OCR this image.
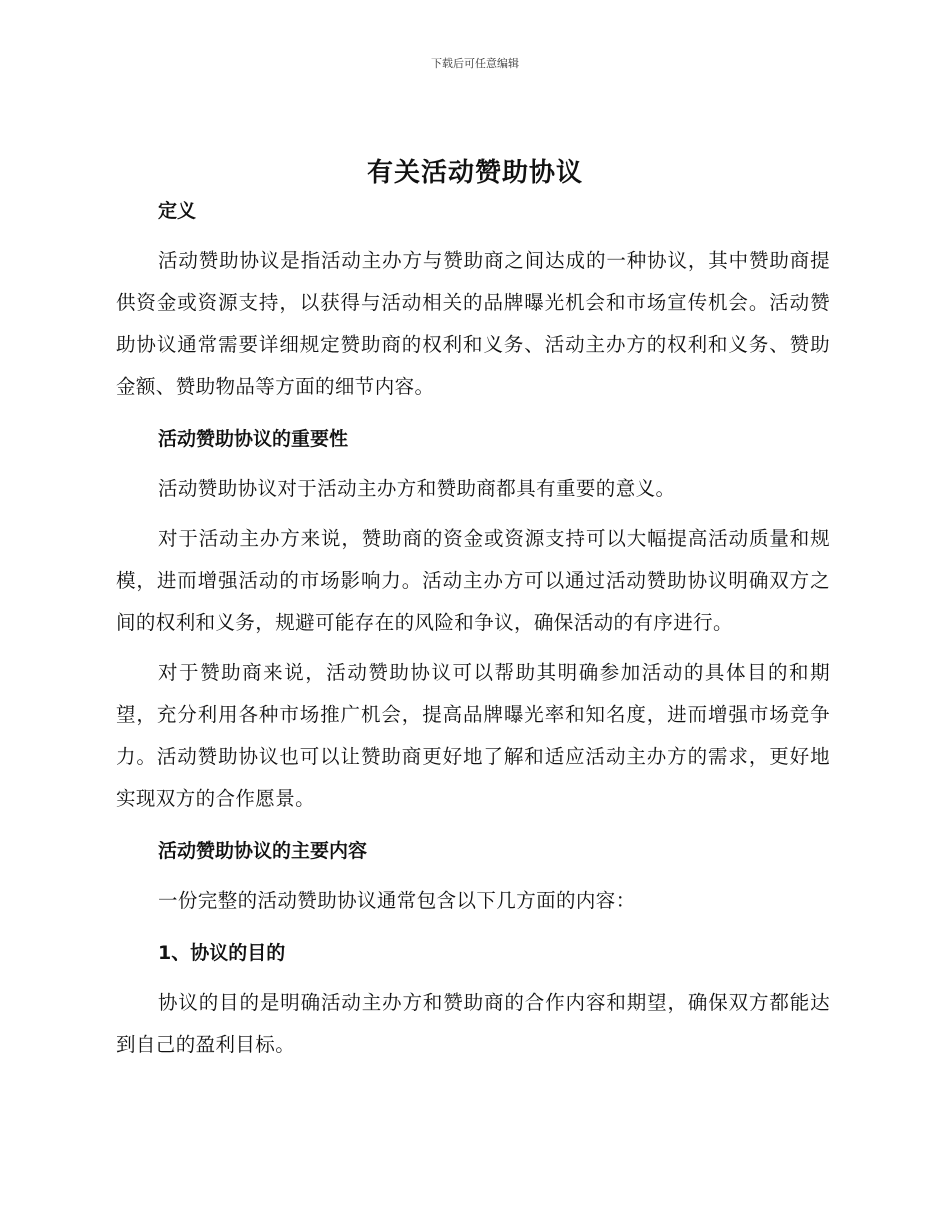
下载后可任意编辑
有关活动赞助协议

定义

活动赞助协议是指活动主办方与赞助商之间达成的一种协议，其中赞助商提供资金或资源支持，以获得与活动相关的品牌曝光机会和市场宣传机会。活动赞助协议通常需要详细规定赞助商的权利和义务、活动主办方的权利和义务、赞助金额、赞助物品等方面的细节内容。

活动赞助协议的重要性

活动赞助协议对于活动主办方和赞助商都具有重要的意义。

对于活动主办方来说，赞助商的资金或资源支持可以大幅提高活动质量和规模，进而增强活动的市场影响力。活动主办方可以通过活动赞助协议明确双方之间的权利和义务，规避可能存在的风险和争议，确保活动的有序进行。

对于赞助商来说，活动赞助协议可以帮助其明确参加活动的具体目的和期望，充分利用各种市场推广机会，提高品牌曝光率和知名度，进而增强市场竞争力。活动赞助协议也可以让赞助商更好地了解和适应活动主办方的需求，更好地实现双方的合作愿景。

活动赞助协议的主要内容

一份完整的活动赞助协议通常包含以下几方面的内容：

1、协议的目的

协议的目的是明确活动主办方和赞助商的合作内容和期望，确保双方都能达到自己的盈利目标。
